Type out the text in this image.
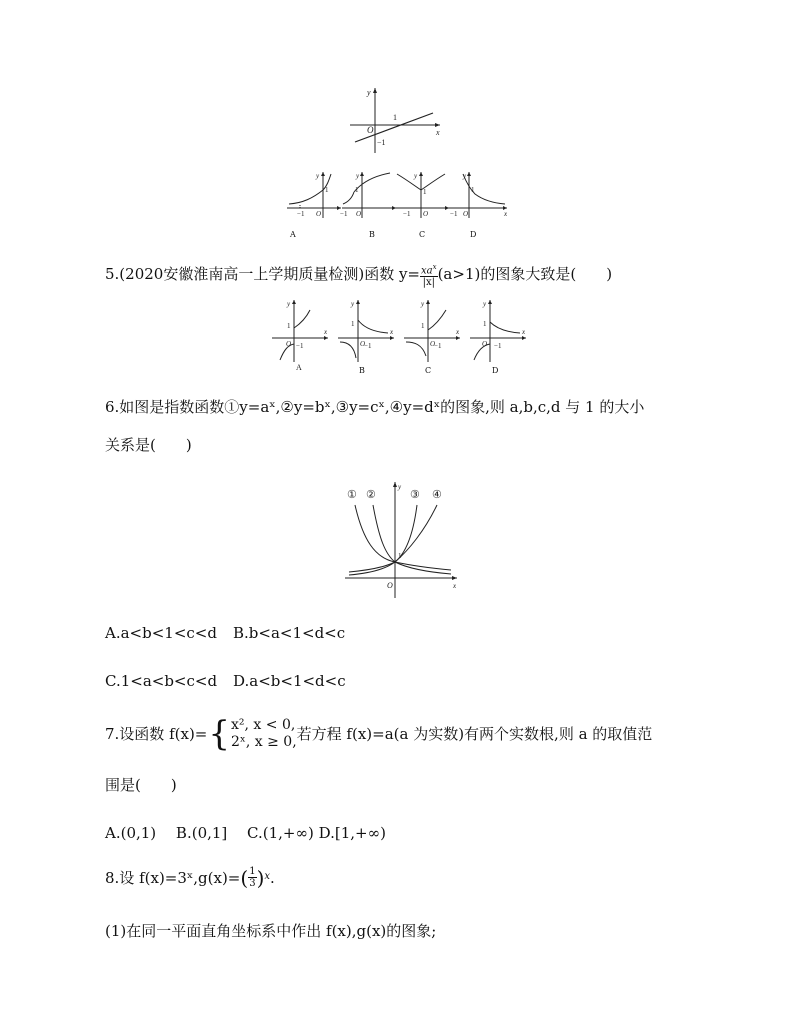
y
x
O
1
−1
y
1
O
−1
y
1
O
−1
y
1
O
−1
y
1
O
−1	x
A	B	C	D
5.(2020安徽淮南高一上学期质量检测)函数 $y= \frac{xa^x}{|x|} (a>1)$的图象大致是(　　)
A
y
1
O −1
x
y
1
O
−1
x
y
1
O
−1
x
y
1
O −1
x
B	C	D
6.如图是指数函数①y=aˣ,②y=bˣ,③y=cˣ,④y=dˣ的图象,则 a,b,c,d 与 1 的大小
关系是(　　)
① ②	③ ④
y
x
O
1
A.a<b<1<c<d B.b<a<1<d<c
C.1<a<b<c<d D.a<b<1<d<c
7.设函数 f(x)= { x², x < 0,
2ˣ, x ≥ 0, 若方程 f(x)=a(a 为实数)有两个实数根,则 a 的取值范
围是(　　)
A.(0,1)　 B.(0,1]　 C.(1,+∞) D.[1,+∞)
8.设 f(x)=3ˣ,g(x)= ( $\frac{1}{3}$ ) x .
(1)在同一平面直角坐标系中作出 f(x),g(x)的图象;
